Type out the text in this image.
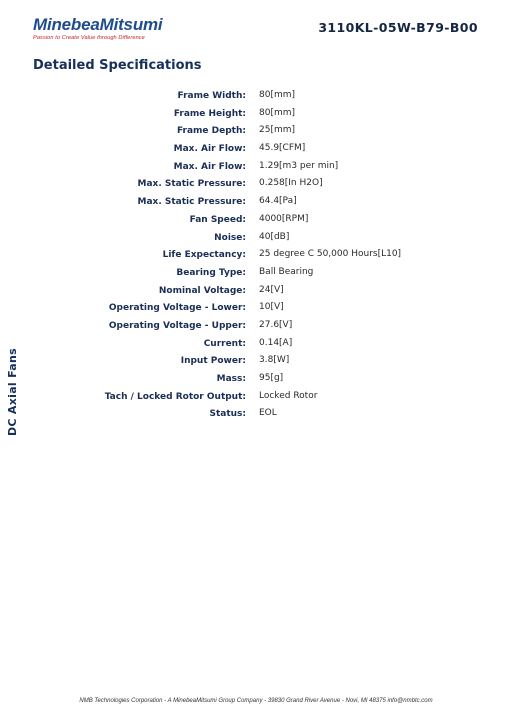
MinebeaMitsumi
Passion to Create Value through Difference
3110KL-05W-B79-B00
Detailed Specifications
Frame Width: 80[mm]
Frame Height: 80[mm]
Frame Depth: 25[mm]
Max. Air Flow: 45.9[CFM]
Max. Air Flow: 1.29[m3 per min]
Max. Static Pressure: 0.258[In H2O]
Max. Static Pressure: 64.4[Pa]
Fan Speed: 4000[RPM]
Noise: 40[dB]
Life Expectancy: 25 degree C 50,000 Hours[L10]
Bearing Type: Ball Bearing
Nominal Voltage: 24[V]
Operating Voltage - Lower: 10[V]
Operating Voltage - Upper: 27.6[V]
Current: 0.14[A]
Input Power: 3.8[W]
Mass: 95[g]
Tach / Locked Rotor Output: Locked Rotor
Status: EOL
DC Axial Fans
NMB Technologies Corporation - A MinebeaMitsumi Group Company - 39830 Grand River Avenue - Novi, MI 48375 info@nmbtc.com
